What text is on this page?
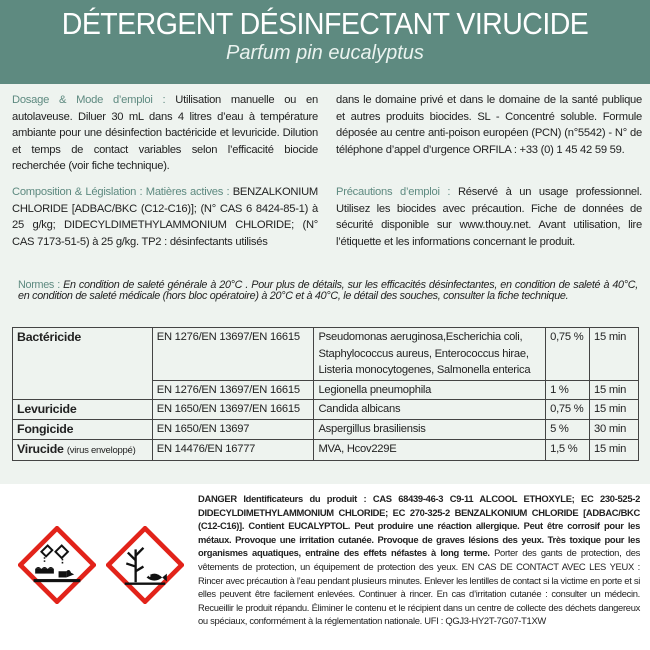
DÉTERGENT DÉSINFECTANT VIRUCIDE
Parfum pin eucalyptus
Dosage & Mode d’emploi : Utilisation manuelle ou en autolaveuse. Diluer 30 mL dans 4 litres d’eau à température ambiante pour une désinfection bactéricide et levuricide. Dilution et temps de contact variables selon l’efficacité biocide recherchée (voir fiche technique).
dans le domaine privé et dans le domaine de la santé publique et autres produits biocides. SL - Concentré soluble. Formule déposée au centre anti-poison européen (PCN) (n°5542) - N° de téléphone d’appel d’urgence ORFILA : +33 (0) 1 45 42 59 59.
Composition & Législation : Matières actives : BENZALKONIUM CHLORIDE [ADBAC/BKC (C12-C16)]; (N° CAS 6 8424-85-1) à 25 g/kg; DIDECYLDIMETHYLAMMONIUM CHLORIDE; (N° CAS 7173-51-5) à 25 g/kg. TP2 : désinfectants utilisés
Précautions d’emploi : Réservé à un usage professionnel. Utilisez les biocides avec précaution. Fiche de données de sécurité disponible sur www.thouy.net. Avant utilisation, lire l’étiquette et les informations concernant le produit.
Normes : En condition de saleté générale à 20°C . Pour plus de détails, sur les efficacités désinfectantes, en condition de saleté à 40°C, en condition de saleté médicale (hors bloc opératoire) à 20°C et à 40°C, le détail des souches, consulter la fiche technique.
Bactéricide	EN 1276/EN 13697/EN 16615	Pseudomonas aeruginosa,Escherichia coli, Staphylococcus aureus, Enterococcus hirae, Listeria monocytogenes, Salmonella enterica	0,75 %	15 min
	EN 1276/EN 13697/EN 16615	Legionella pneumophila	1 %	15 min
Levuricide	EN 1650/EN 13697/EN 16615	Candida albicans	0,75 %	15 min
Fongicide	EN 1650/EN 13697	Aspergillus brasiliensis	5 %	30 min
Virucide (virus enveloppé)	EN 14476/EN 16777	MVA, Hcov229E	1,5 %	15 min
DANGER Identificateurs du produit : CAS 68439-46-3 C9-11 ALCOOL ETHOXYLE; EC 230-525-2 DIDECYLDIMETHYLAMMONIUM CHLORIDE; EC 270-325-2 BENZALKONIUM CHLORIDE [ADBAC/BKC (C12-C16)]. Contient EUCALYPTOL. Peut produire une réaction allergique. Peut être corrosif pour les métaux. Provoque une irritation cutanée. Provoque de graves lésions des yeux. Très toxique pour les organismes aquatiques, entraîne des effets néfastes à long terme. Porter des gants de protection, des vêtements de protection, un équipement de protection des yeux. EN CAS DE CONTACT AVEC LES YEUX : Rincer avec précaution à l’eau pendant plusieurs minutes. Enlever les lentilles de contact si la victime en porte et si elles peuvent être facilement enlevées. Continuer à rincer. En cas d’irritation cutanée : consulter un médecin. Recueillir le produit répandu. Éliminer le contenu et le récipient dans un centre de collecte des déchets dangereux ou spéciaux, conformément à la réglementation nationale. UFI : QGJ3-HY2T-7G07-T1XW
